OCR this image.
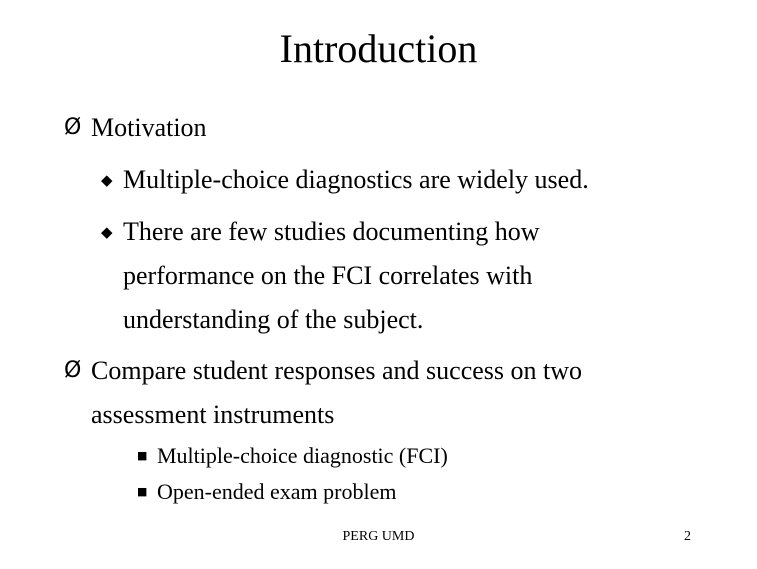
Introduction
Ø Motivation
◆ Multiple-choice diagnostics are widely used.
◆ There are few studies documenting how performance on the FCI correlates with understanding of the subject.
Ø Compare student responses and success on two assessment instruments
■ Multiple-choice diagnostic (FCI)
■ Open-ended exam problem
PERG UMD	2
